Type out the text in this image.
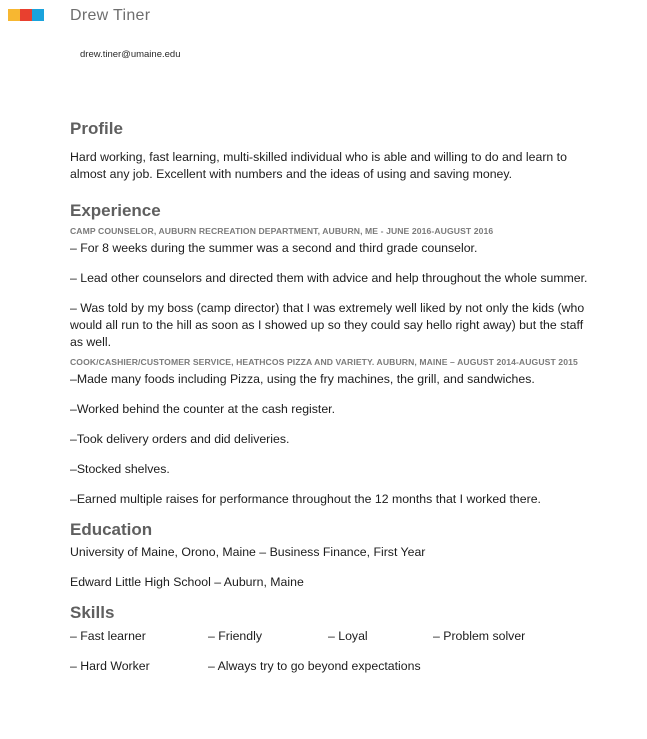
Drew Tiner
drew.tiner@umaine.edu
Profile

Hard working, fast learning, multi-skilled individual who is able and willing to do and learn to almost any job. Excellent with numbers and the ideas of using and saving money.

Experience

CAMP COUNSELOR, AUBURN RECREATION DEPARTMENT, AUBURN, ME - JUNE 2016-AUGUST 2016

– For 8 weeks during the summer was a second and third grade counselor.

– Lead other counselors and directed them with advice and help throughout the whole summer.

– Was told by my boss (camp director) that I was extremely well liked by not only the kids (who would all run to the hill as soon as I showed up so they could say hello right away) but the staff as well.

COOK/CASHIER/CUSTOMER SERVICE, HEATHCOS PIZZA AND VARIETY. AUBURN, MAINE – AUGUST 2014-AUGUST 2015

–Made many foods including Pizza, using the fry machines, the grill, and sandwiches.

–Worked behind the counter at the cash register.

–Took delivery orders and did deliveries.

–Stocked shelves.

–Earned multiple raises for performance throughout the 12 months that I worked there.

Education

University of Maine, Orono, Maine – Business Finance, First Year

Edward Little High School – Auburn, Maine

Skills
– Fast learner	– Friendly	– Loyal	– Problem solver
– Hard Worker	– Always try to go beyond expectations
